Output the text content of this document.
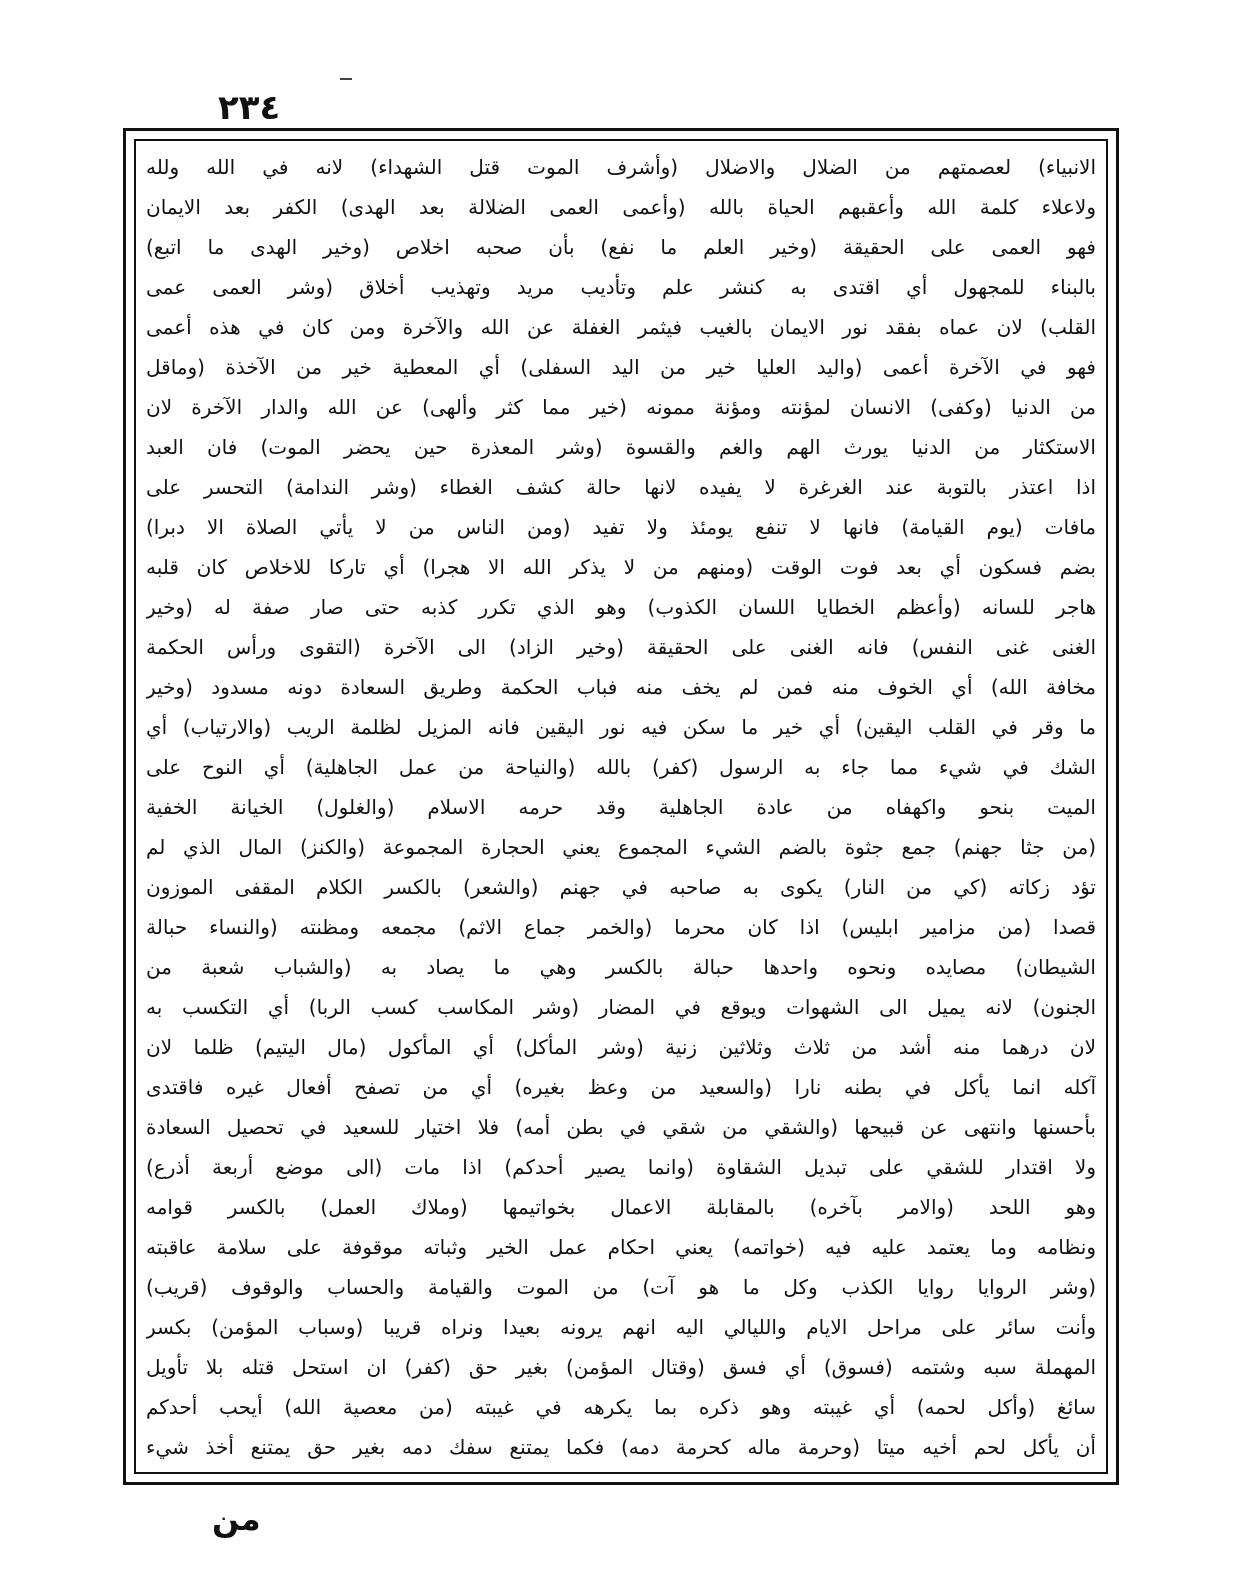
٢٣٤
الانبياء) لعصمتهم من الضلال والاضلال (وأشرف الموت قتل الشهداء) لانه في الله ولله
ولاعلاء كلمة الله وأعقبهم الحياة بالله (وأعمى العمى الضلالة بعد الهدى) الكفر بعد الايمان
فهو العمى على الحقيقة (وخير العلم ما نفع) بأن صحبه اخلاص (وخير الهدى ما اتبع)
بالبناء للمجهول أي اقتدى به كنشر علم وتأديب مريد وتهذيب أخلاق (وشر العمى عمى
القلب) لان عماه بفقد نور الايمان بالغيب فيثمر الغفلة عن الله والآخرة ومن كان في هذه أعمى
فهو في الآخرة أعمى (واليد العليا خير من اليد السفلى) أي المعطية خير من الآخذة (وماقل
من الدنيا (وكفى) الانسان لمؤنته ومؤنة ممونه (خير مما كثر وألهى) عن الله والدار الآخرة لان
الاستكثار من الدنيا يورث الهم والغم والقسوة (وشر المعذرة حين يحضر الموت) فان العبد
اذا اعتذر بالتوبة عند الغرغرة لا يفيده لانها حالة كشف الغطاء (وشر الندامة) التحسر على
مافات (يوم القيامة) فانها لا تنفع يومئذ ولا تفيد (ومن الناس من لا يأتي الصلاة الا دبرا)
بضم فسكون أي بعد فوت الوقت (ومنهم من لا يذكر الله الا هجرا) أي تاركا للاخلاص كان قلبه
هاجر للسانه (وأعظم الخطايا اللسان الكذوب) وهو الذي تكرر كذبه حتى صار صفة له (وخير
الغنى غنى النفس) فانه الغنى على الحقيقة (وخير الزاد) الى الآخرة (التقوى ورأس الحكمة
مخافة الله) أي الخوف منه فمن لم يخف منه فباب الحكمة وطريق السعادة دونه مسدود (وخير
ما وقر في القلب اليقين) أي خير ما سكن فيه نور اليقين فانه المزيل لظلمة الريب (والارتياب) أي
الشك في شيء مما جاء به الرسول (كفر) بالله (والنياحة من عمل الجاهلية) أي النوح على
الميت بنحو واكهفاه من عادة الجاهلية وقد حرمه الاسلام (والغلول) الخيانة الخفية
(من جثا جهنم) جمع جثوة بالضم الشيء المجموع يعني الحجارة المجموعة (والكنز) المال الذي لم
تؤد زكاته (كي من النار) يكوى به صاحبه في جهنم (والشعر) بالكسر الكلام المقفى الموزون
قصدا (من مزامير ابليس) اذا كان محرما (والخمر جماع الاثم) مجمعه ومظنته (والنساء حبالة
الشيطان) مصايده ونحوه واحدها حبالة بالكسر وهي ما يصاد به (والشباب شعبة من
الجنون) لانه يميل الى الشهوات ويوقع في المضار (وشر المكاسب كسب الربا) أي التكسب به
لان درهما منه أشد من ثلاث وثلاثين زنية (وشر المأكل) أي المأكول (مال اليتيم) ظلما لان
آكله انما يأكل في بطنه نارا (والسعيد من وعظ بغيره) أي من تصفح أفعال غيره فاقتدى
بأحسنها وانتهى عن قبيحها (والشقي من شقي في بطن أمه) فلا اختيار للسعيد في تحصيل السعادة
ولا اقتدار للشقي على تبديل الشقاوة (وانما يصير أحدكم) اذا مات (الى موضع أربعة أذرع)
وهو اللحد (والامر بآخره) بالمقابلة الاعمال بخواتيمها (وملاك العمل) بالكسر قوامه
ونظامه وما يعتمد عليه فيه (خواتمه) يعني احكام عمل الخير وثباته موقوفة على سلامة عاقبته
(وشر الروايا روايا الكذب وكل ما هو آت) من الموت والقيامة والحساب والوقوف (قريب)
وأنت سائر على مراحل الايام والليالي اليه انهم يرونه بعيدا ونراه قريبا (وسباب المؤمن) بكسر
المهملة سبه وشتمه (فسوق) أي فسق (وقتال المؤمن) بغير حق (كفر) ان استحل قتله بلا تأويل
سائغ (وأكل لحمه) أي غيبته وهو ذكره بما يكرهه في غيبته (من معصية الله) أيحب أحدكم
أن يأكل لحم أخيه ميتا (وحرمة ماله كحرمة دمه) فكما يمتنع سفك دمه بغير حق يمتنع أخذ شيء
من
